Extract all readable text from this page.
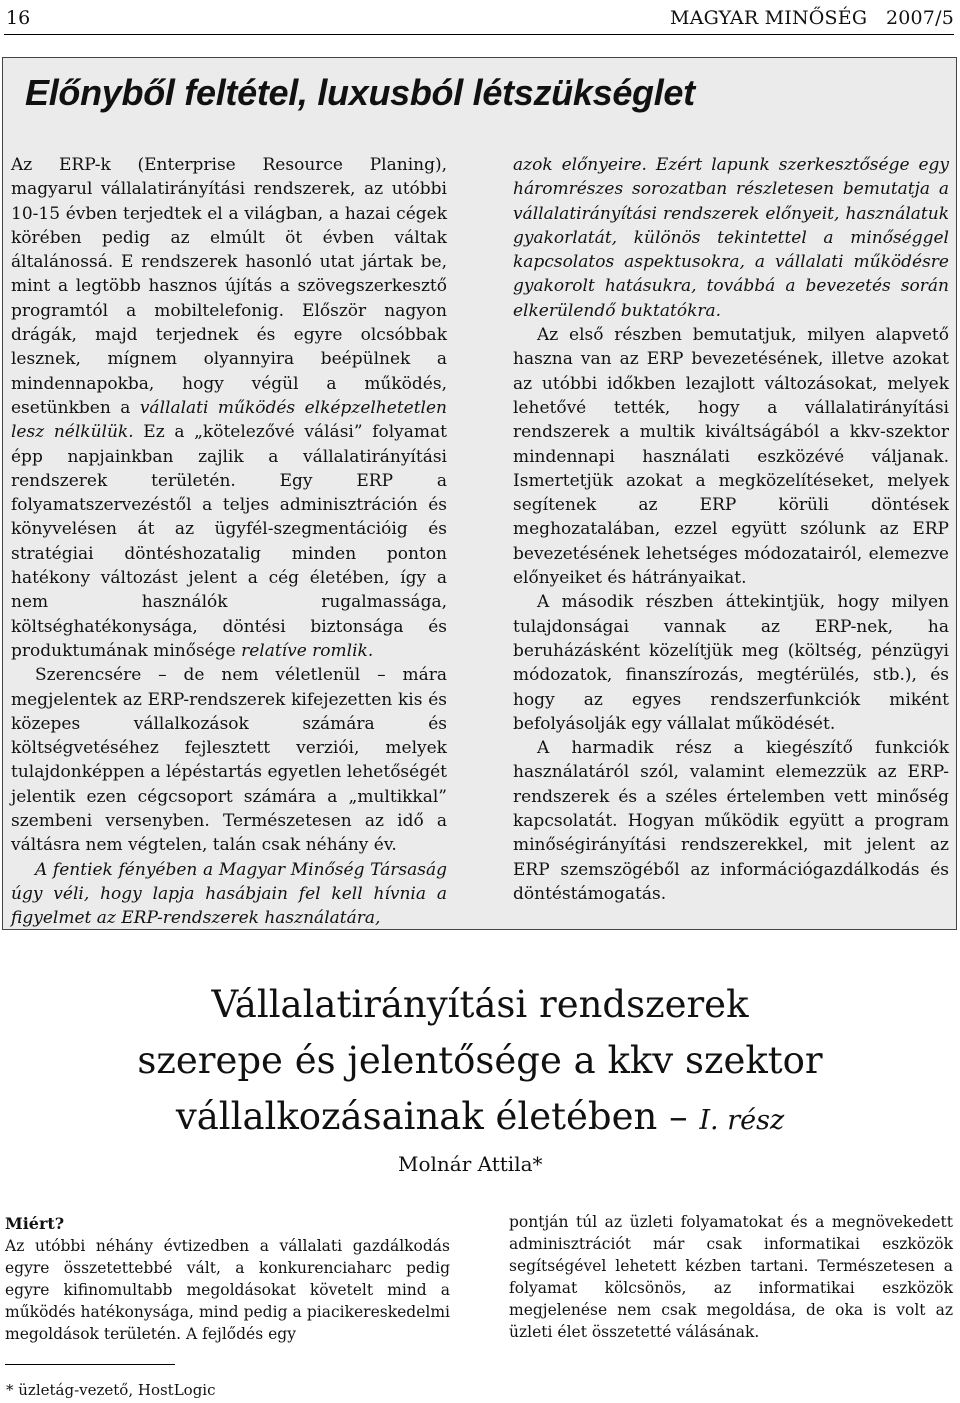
16	MAGYAR MINŐSÉG   2007/5
Előnyből feltétel, luxusból létszükséglet

Az ERP-k (Enterprise Resource Planing), magyarul vállalatirányítási rendszerek, az utóbbi 10-15 évben terjedtek el a világban, a hazai cégek körében pedig az elmúlt öt évben váltak általánossá. E rendszerek hasonló utat jártak be, mint a legtöbb hasznos újítás a szövegszerkesztő programtól a mobiltelefonig. Először nagyon drágák, majd terjednek és egyre olcsóbbak lesznek, mígnem olyannyira beépülnek a mindennapokba, hogy végül a működés, esetünkben a vállalati működés elképzelhetetlen lesz nélkülük. Ez a „kötelezővé válási” folyamat épp napjainkban zajlik a vállalatirányítási rendszerek területén. Egy ERP a folyamatszervezéstől a teljes adminisztráción és könyvelésen át az ügyfél-szegmentációig és stratégiai döntéshozatalig minden ponton hatékony változást jelent a cég életében, így a nem használók rugalmassága, költséghatékonysága, döntési biztonsága és produktumának minősége relatíve romlik.

Szerencsére – de nem véletlenül – mára megjelentek az ERP-rendszerek kifejezetten kis és közepes vállalkozások számára és költségvetéséhez fejlesztett verziói, melyek tulajdonképpen a lépéstartás egyetlen lehetőségét jelentik ezen cégcsoport számára a „multikkal” szembeni versenyben. Természetesen az idő a váltásra nem végtelen, talán csak néhány év.

A fentiek fényében a Magyar Minőség Társaság úgy véli, hogy lapja hasábjain fel kell hívnia a figyelmet az ERP-rendszerek használatára,

azok előnyeire. Ezért lapunk szerkesztősége egy háromrészes sorozatban részletesen bemutatja a vállalatirányítási rendszerek előnyeit, használatuk gyakorlatát, különös tekintettel a minőséggel kapcsolatos aspektusokra, a vállalati működésre gyakorolt hatásukra, továbbá a bevezetés során elkerülendő buktatókra.

Az első részben bemutatjuk, milyen alapvető haszna van az ERP bevezetésének, illetve azokat az utóbbi időkben lezajlott változásokat, melyek lehetővé tették, hogy a vállalatirányítási rendszerek a multik kiváltságából a kkv-szektor mindennapi használati eszközévé váljanak. Ismertetjük azokat a megközelítéseket, melyek segítenek az ERP körüli döntések meghozatalában, ezzel együtt szólunk az ERP bevezetésének lehetséges módozatairól, elemezve előnyeiket és hátrányaikat.

A második részben áttekintjük, hogy milyen tulajdonságai vannak az ERP-nek, ha beruházásként közelítjük meg (költség, pénzügyi módozatok, finanszírozás, megtérülés, stb.), és hogy az egyes rendszerfunkciók miként befolyásolják egy vállalat működését.

A harmadik rész a kiegészítő funkciók használatáról szól, valamint elemezzük az ERP-rendszerek és a széles értelemben vett minőség kapcsolatát. Hogyan működik együtt a program minőségirányítási rendszerekkel, mit jelent az ERP szemszögéből az információgazdálkodás és döntéstámogatás.

Vállalatirányítási rendszerek
szerepe és jelentősége a kkv szektor
vállalkozásainak életében – I. rész
Molnár Attila*
Miért?

Az utóbbi néhány évtizedben a vállalati gazdálkodás egyre összetettebbé vált, a konkurenciaharc pedig egyre kifinomultabb megoldásokat követelt mind a működés hatékonysága, mind pedig a piacikereskedelmi megoldások területén. A fejlődés egy

pontján túl az üzleti folyamatokat és a megnövekedett adminisztrációt már csak informatikai eszközök segítségével lehetett kézben tartani. Természetesen a folyamat kölcsönös, az informatikai eszközök megjelenése nem csak megoldása, de oka is volt az üzleti élet összetetté válásának.

* üzletág-vezető, HostLogic
